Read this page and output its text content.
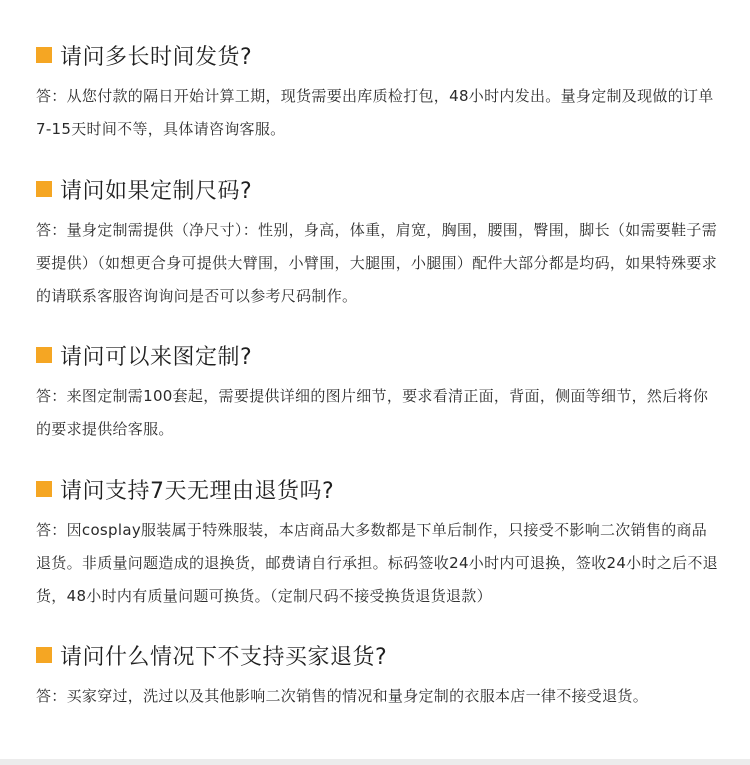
请问多长时间发货?
答：从您付款的隔日开始计算工期，现货需要出库质检打包，48小时内发出。量身定制及现做的订单7-15天时间不等，具体请咨询客服。
请问如果定制尺码?
答：量身定制需提供（净尺寸）：性别，身高，体重，肩宽，胸围，腰围，臀围，脚长（如需要鞋子需要提供）（如想更合身可提供大臂围，小臂围，大腿围，小腿围）配件大部分都是均码，如果特殊要求的请联系客服咨询询问是否可以参考尺码制作。
请问可以来图定制?
答：来图定制需100套起，需要提供详细的图片细节，要求看清正面，背面，侧面等细节，然后将你的要求提供给客服。
请问支持7天无理由退货吗?
答：因cosplay服装属于特殊服装，本店商品大多数都是下单后制作，只接受不影响二次销售的商品退货。非质量问题造成的退换货，邮费请自行承担。标码签收24小时内可退换，签收24小时之后不退货，48小时内有质量问题可换货。（定制尺码不接受换货退货退款）
请问什么情况下不支持买家退货?
答：买家穿过，洗过以及其他影响二次销售的情况和量身定制的衣服本店一律不接受退货。
